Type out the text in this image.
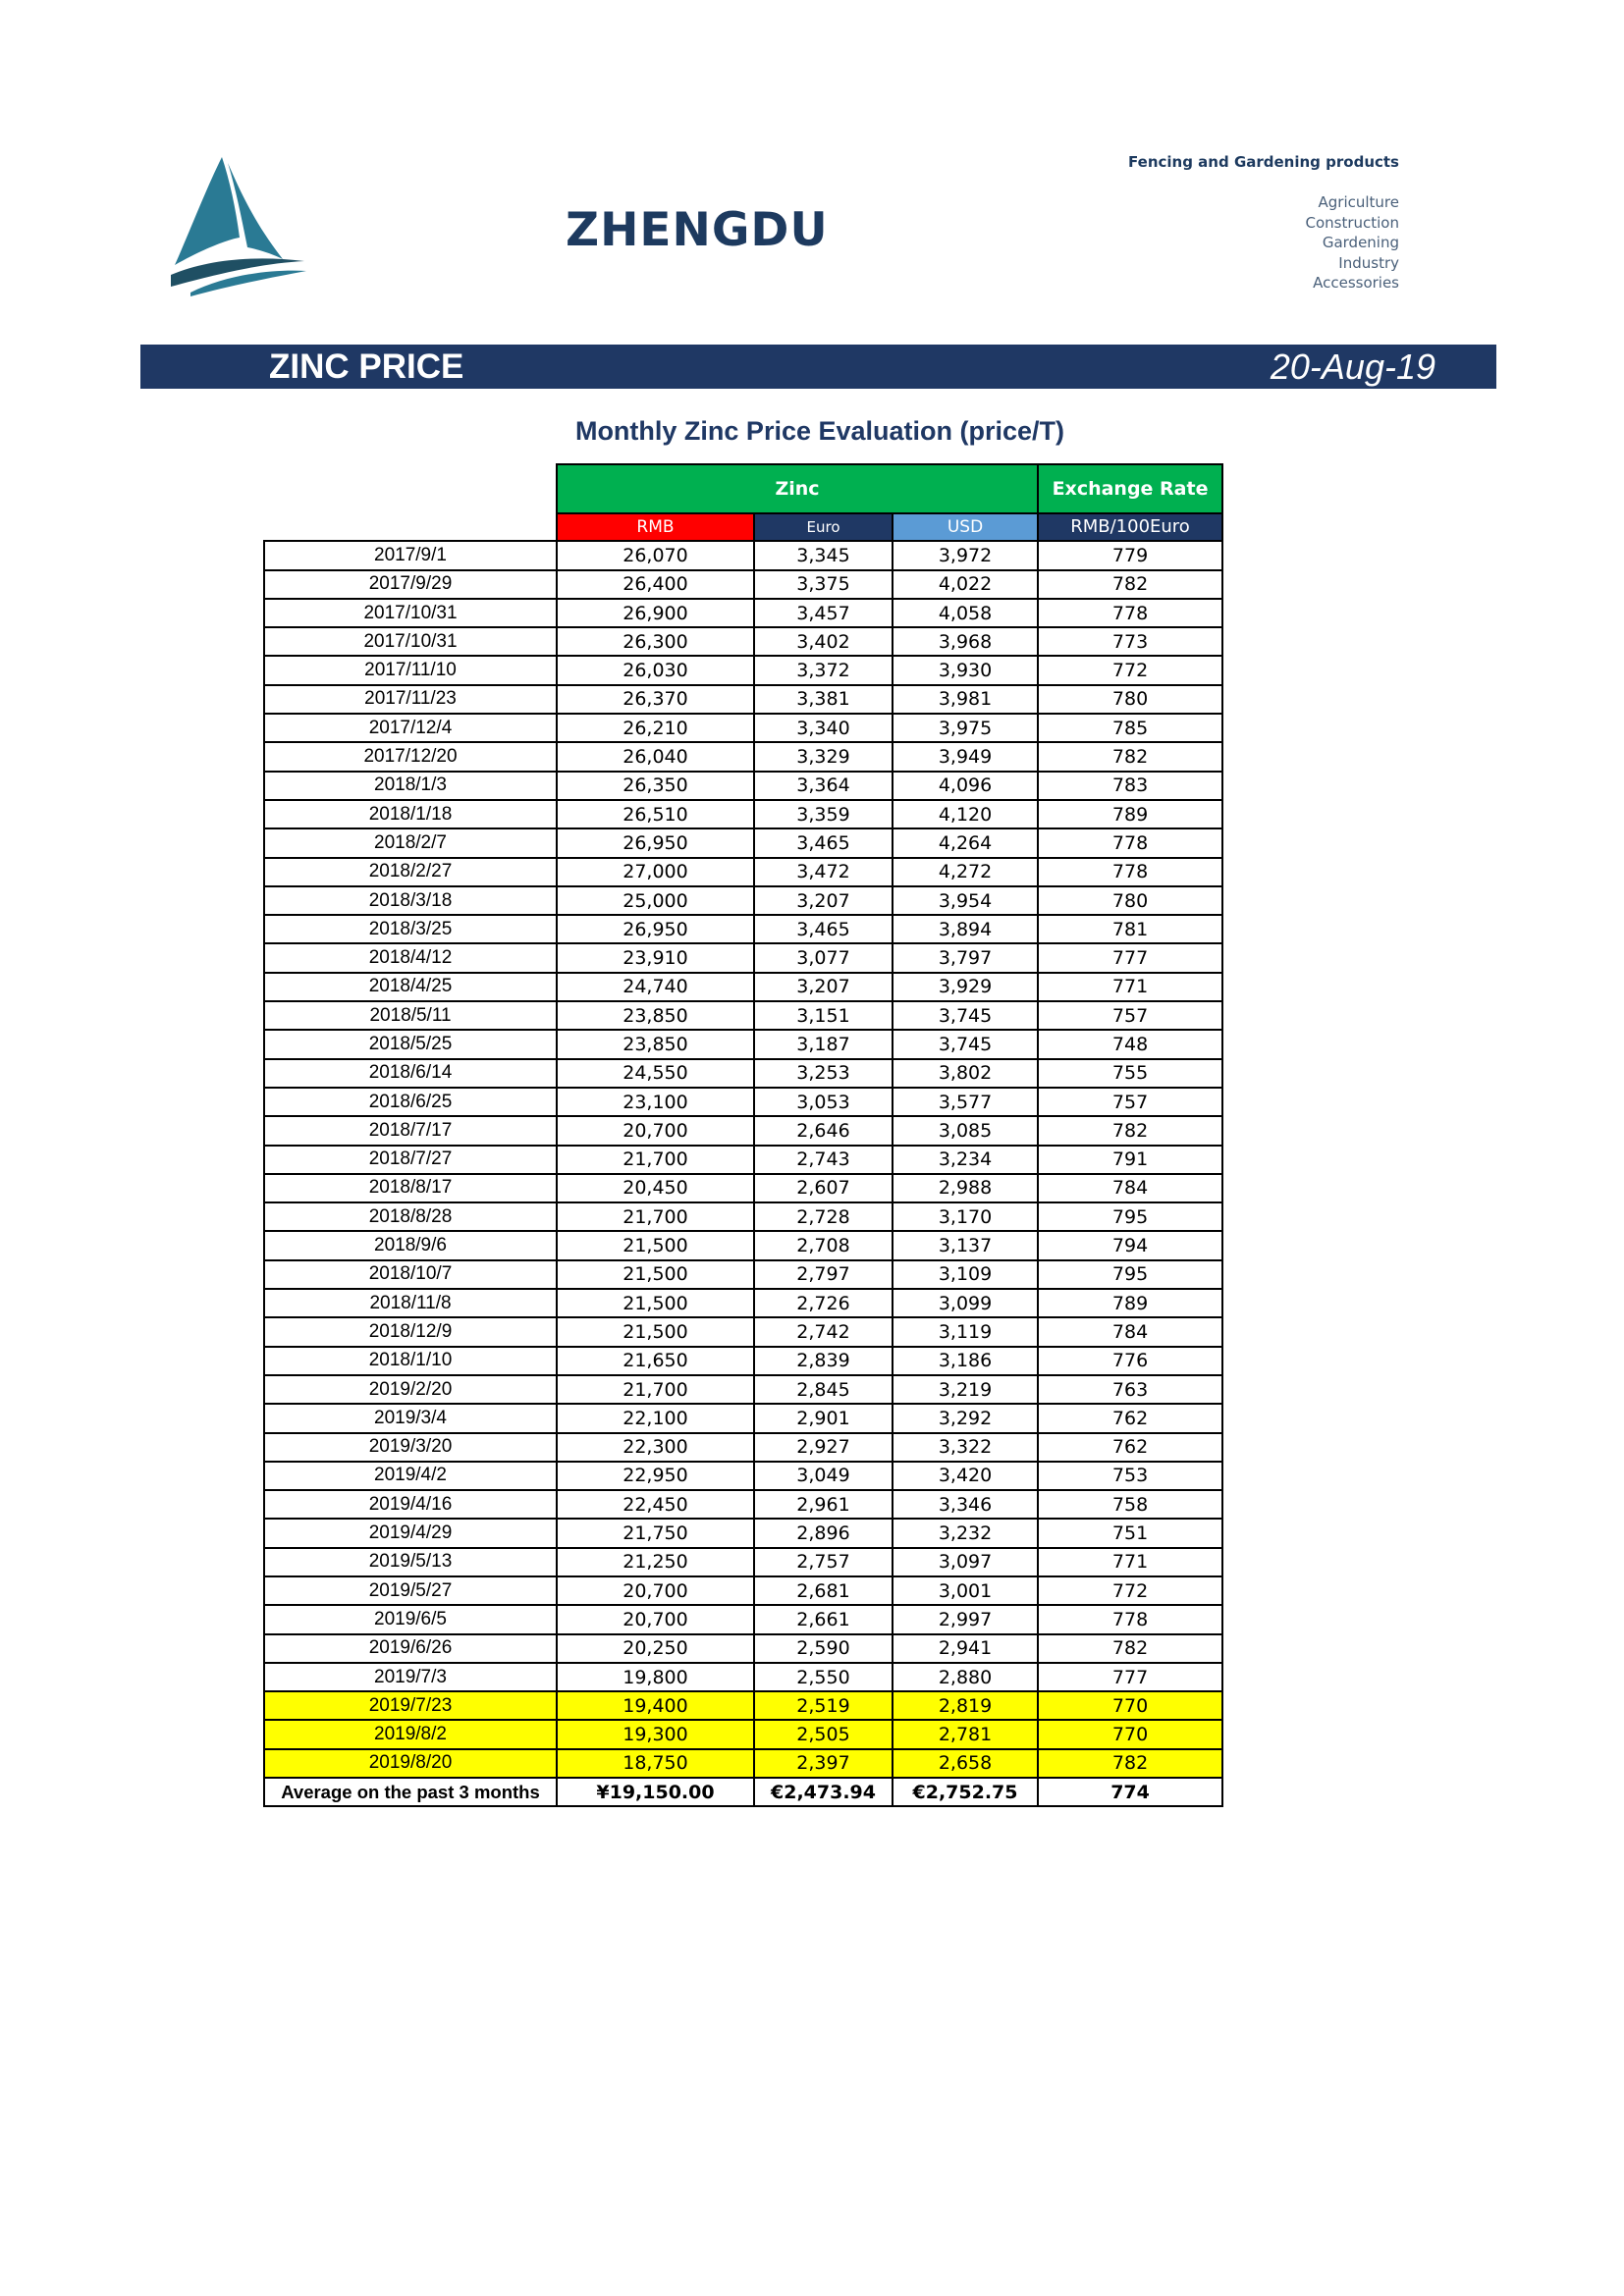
ZHENGDU
Fencing and Gardening products
Agriculture
Construction
Gardening
Industry
Accessories
ZINC PRICE	20-Aug-19
Monthly Zinc Price Evaluation (price/T)
	Zinc			Exchange Rate
	RMB	Euro	USD	RMB/100Euro
2017/9/1	26,070	3,345	3,972	779
2017/9/29	26,400	3,375	4,022	782
2017/10/31	26,900	3,457	4,058	778
2017/10/31	26,300	3,402	3,968	773
2017/11/10	26,030	3,372	3,930	772
2017/11/23	26,370	3,381	3,981	780
2017/12/4	26,210	3,340	3,975	785
2017/12/20	26,040	3,329	3,949	782
2018/1/3	26,350	3,364	4,096	783
2018/1/18	26,510	3,359	4,120	789
2018/2/7	26,950	3,465	4,264	778
2018/2/27	27,000	3,472	4,272	778
2018/3/18	25,000	3,207	3,954	780
2018/3/25	26,950	3,465	3,894	781
2018/4/12	23,910	3,077	3,797	777
2018/4/25	24,740	3,207	3,929	771
2018/5/11	23,850	3,151	3,745	757
2018/5/25	23,850	3,187	3,745	748
2018/6/14	24,550	3,253	3,802	755
2018/6/25	23,100	3,053	3,577	757
2018/7/17	20,700	2,646	3,085	782
2018/7/27	21,700	2,743	3,234	791
2018/8/17	20,450	2,607	2,988	784
2018/8/28	21,700	2,728	3,170	795
2018/9/6	21,500	2,708	3,137	794
2018/10/7	21,500	2,797	3,109	795
2018/11/8	21,500	2,726	3,099	789
2018/12/9	21,500	2,742	3,119	784
2018/1/10	21,650	2,839	3,186	776
2019/2/20	21,700	2,845	3,219	763
2019/3/4	22,100	2,901	3,292	762
2019/3/20	22,300	2,927	3,322	762
2019/4/2	22,950	3,049	3,420	753
2019/4/16	22,450	2,961	3,346	758
2019/4/29	21,750	2,896	3,232	751
2019/5/13	21,250	2,757	3,097	771
2019/5/27	20,700	2,681	3,001	772
2019/6/5	20,700	2,661	2,997	778
2019/6/26	20,250	2,590	2,941	782
2019/7/3	19,800	2,550	2,880	777
2019/7/23	19,400	2,519	2,819	770
2019/8/2	19,300	2,505	2,781	770
2019/8/20	18,750	2,397	2,658	782
Average on the past 3 months	¥19,150.00	€2,473.94	€2,752.75	774
